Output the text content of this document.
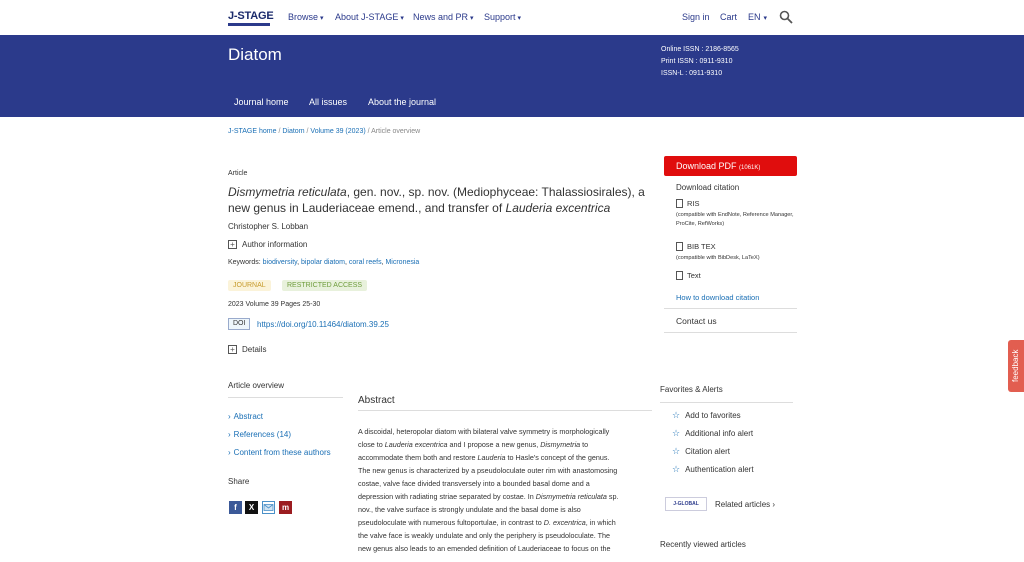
J-STAGE Browse ▾ About J-STAGE ▾ News and PR ▾ Support ▾	Sign in Cart EN ▾
Diatom	Online ISSN : 2186-8565
Print ISSN : 0911-9310
ISSN-L : 0911-9310
Journal home All issues About the journal
J-STAGE home / Diatom / Volume 39 (2023) / Article overview
Article
Dismymetria reticulata, gen. nov., sp. nov. (Mediophyceae: Thalassiosirales), a new genus in Lauderiaceae emend., and transfer of Lauderia excentrica
Christopher S. Lobban
+ Author information
Keywords: biodiversity, bipolar diatom, coral reefs, Micronesia
JOURNAL	RESTRICTED ACCESS
2023 Volume 39 Pages 25-30
DOI	https://doi.org/10.11464/diatom.39.25
+ Details
Article overview
› Abstract
› References (14)
› Content from these authors
Share
f	X	m
Abstract
A discoidal, heteropolar diatom with bilateral valve symmetry is morphologically
close to Lauderia excentrica and I propose a new genus, Dismymetria to
accommodate them both and restore Lauderia to Hasle's concept of the genus.
The new genus is characterized by a pseudoloculate outer rim with anastomosing
costae, valve face divided transversely into a bounded basal dome and a
depression with radiating striae separated by costae. In Dismymetria reticulata sp.
nov., the valve surface is strongly undulate and the basal dome is also
pseudoloculate with numerous fultoportulae, in contrast to D. excentrica, in which
the valve face is weakly undulate and only the periphery is pseudoloculate. The
new genus also leads to an emended definition of Lauderiaceae to focus on the
Download PDF (1061K)
Download citation
RIS
(compatible with EndNote, Reference Manager, ProCite, RefWorks)
BIB TEX
(compatible with BibDesk, LaTeX)
Text
How to download citation
Contact us
Favorites & Alerts
☆ Add to favorites
☆ Additional info alert
☆ Citation alert
☆ Authentication alert
J-GLOBAL	Related articles ›
Recently viewed articles
feedback
